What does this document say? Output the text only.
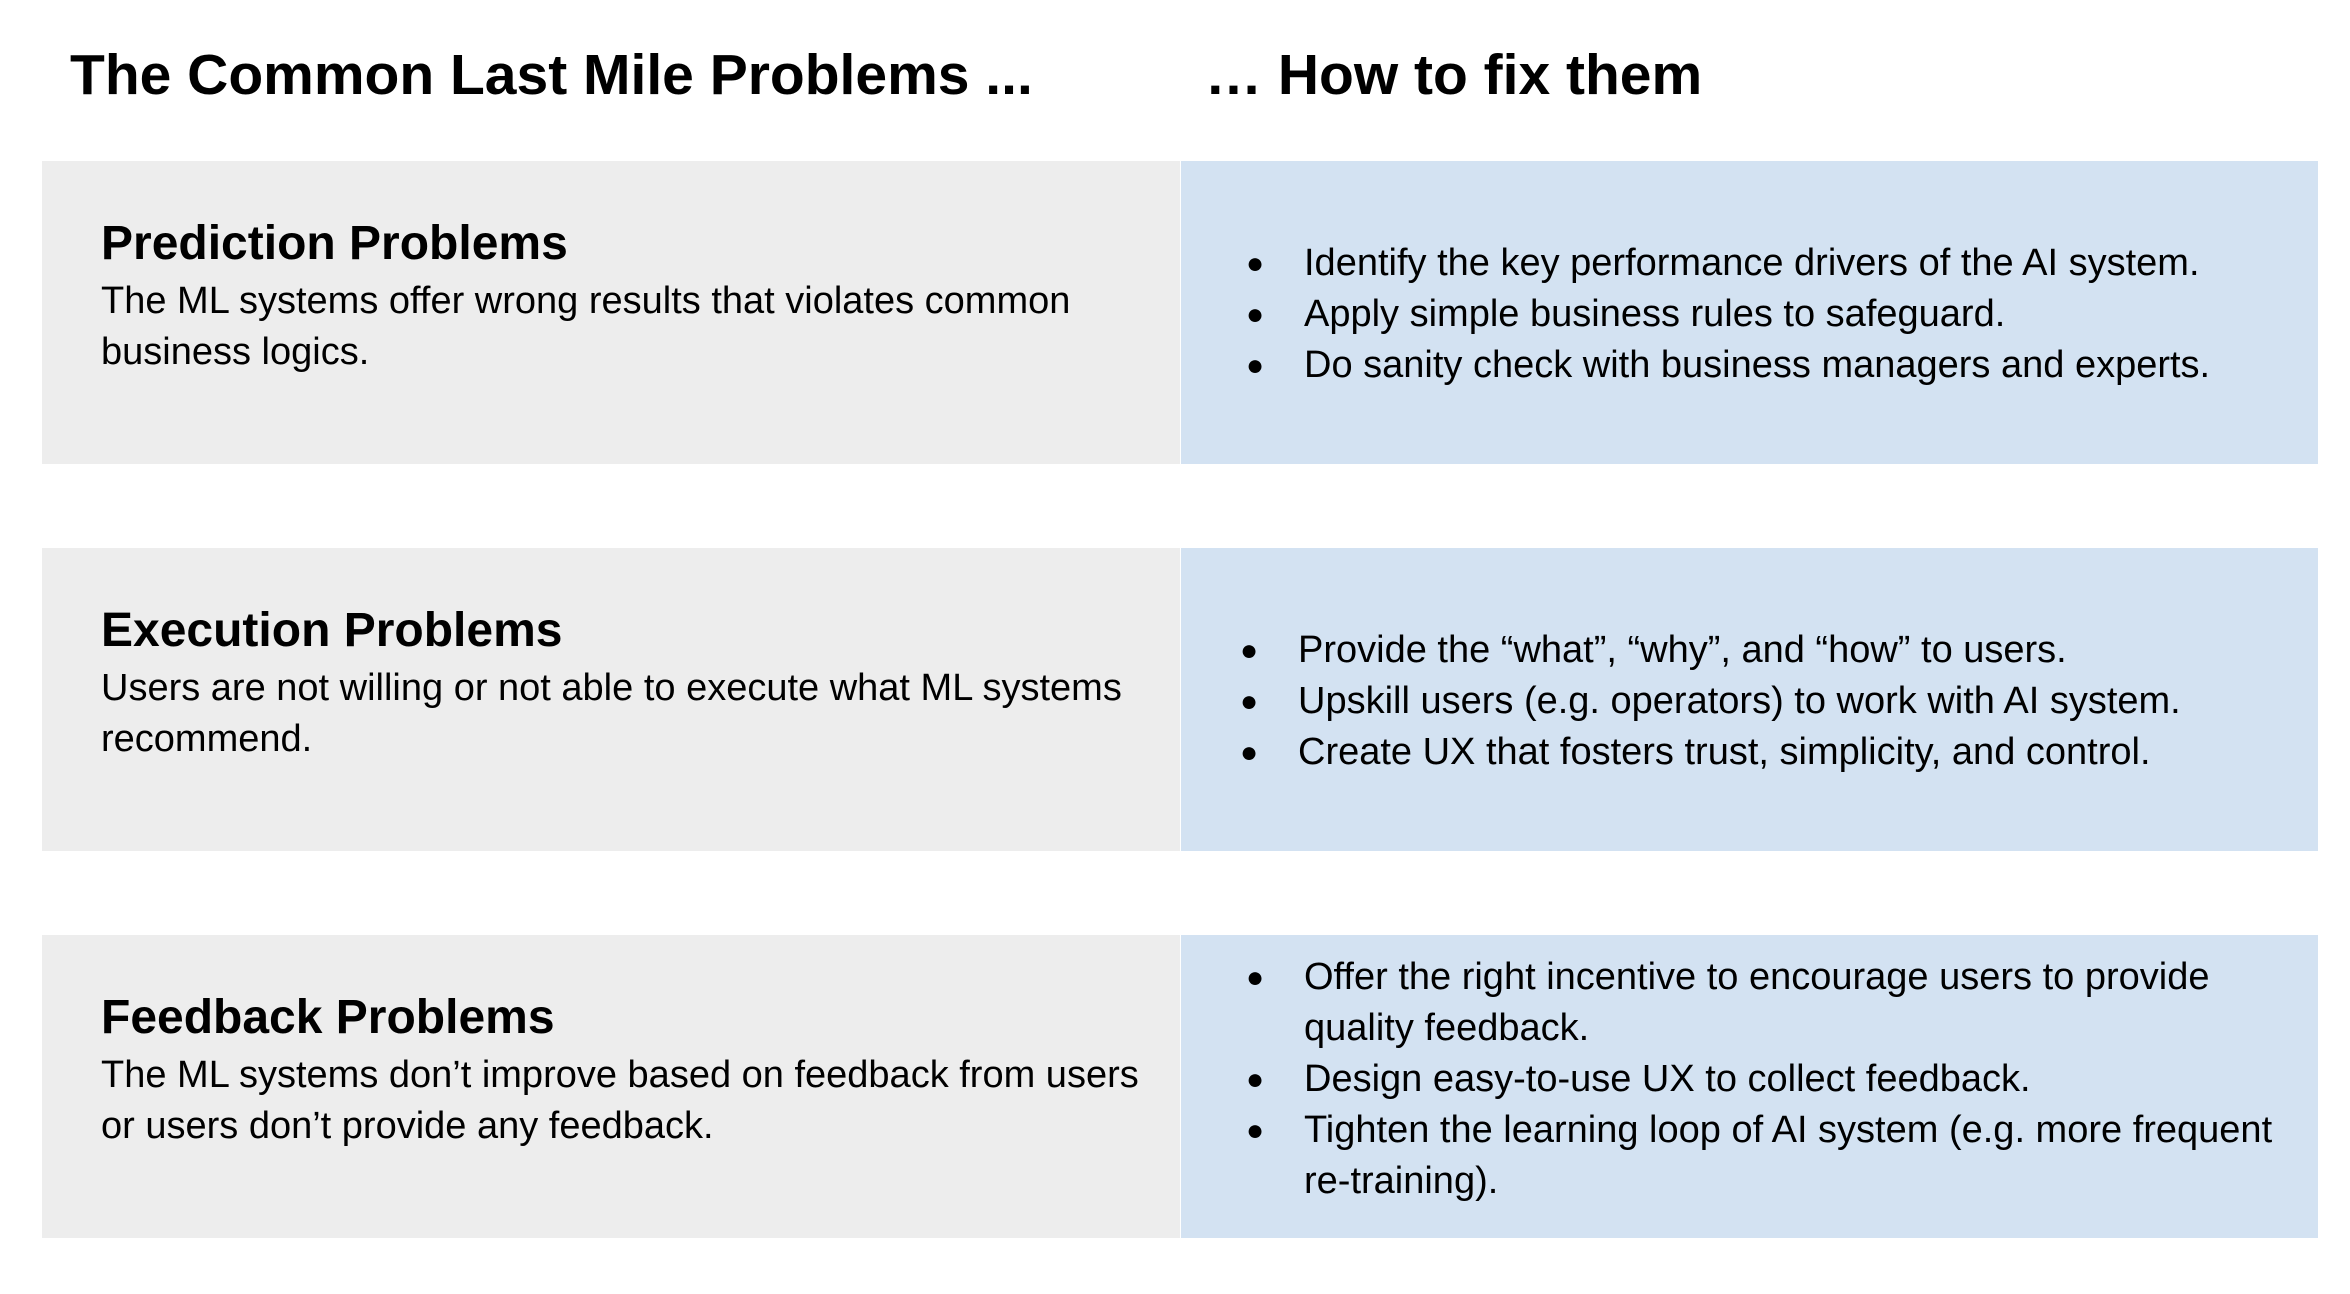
The Common Last Mile Problems ...	… How to fix them
Prediction Problems

The ML systems offer wrong results that violates common business logics.

● Identify the key performance drivers of the AI system.
● Apply simple business rules to safeguard.
● Do sanity check with business managers and experts.
Execution Problems

Users are not willing or not able to execute what ML systems recommend.

● Provide the “what”, “why”, and “how” to users.
● Upskill users (e.g. operators) to work with AI system.
● Create UX that fosters trust, simplicity, and control.
Feedback Problems

The ML systems don’t improve based on feedback from users or users don’t provide any feedback.

● Offer the right incentive to encourage users to provide quality feedback.
● Design easy-to-use UX to collect feedback.
● Tighten the learning loop of AI system (e.g. more frequent re-training).
